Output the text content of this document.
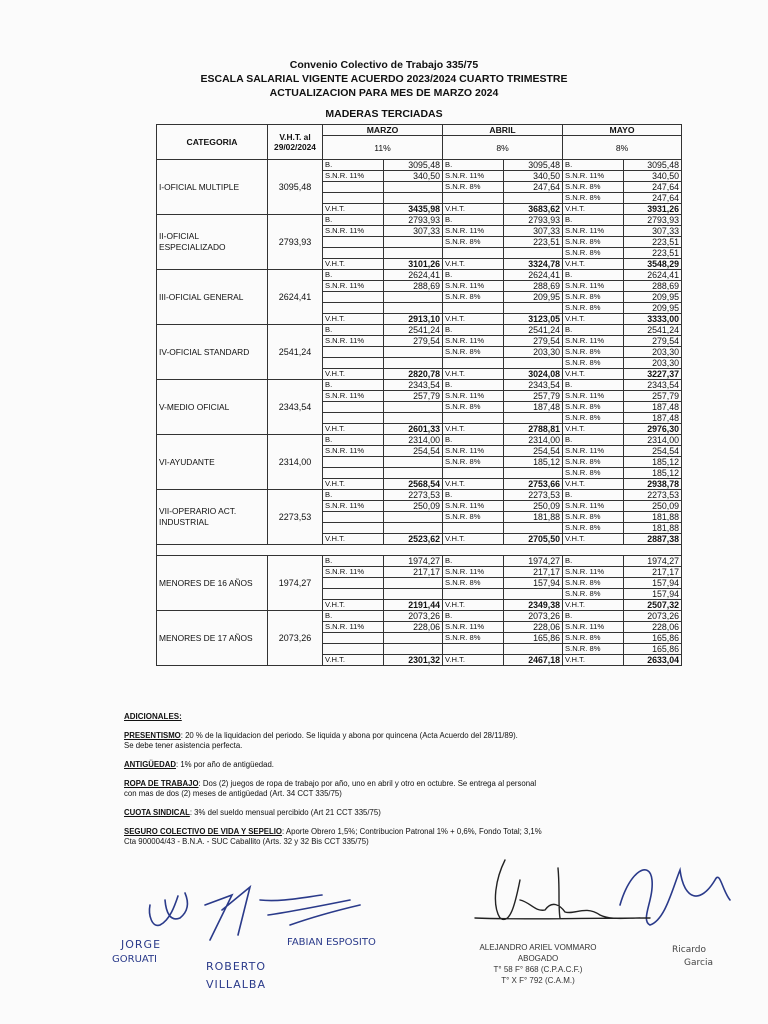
Convenio Colectivo de Trabajo 335/75
ESCALA SALARIAL VIGENTE ACUERDO 2023/2024 CUARTO TRIMESTRE
ACTUALIZACION PARA MES DE MARZO 2024
MADERAS TERCIADAS
CATEGORIA	V.H.T. al 29/02/2024	MARZO		ABRIL		MAYO	
		11%		8%		8%	
I-OFICIAL MULTIPLE	3095,48	B.	3095,48	B.	3095,48	B.	3095,48
		S.N.R. 11%	340,50	S.N.R. 11%	340,50	S.N.R. 11%	340,50
				S.N.R. 8%	247,64	S.N.R. 8%	247,64
						S.N.R. 8%	247,64
		V.H.T.	3435,98	V.H.T.	3683,62	V.H.T.	3931,26
II-OFICIAL ESPECIALIZADO	2793,93	B.	2793,93	B.	2793,93	B.	2793,93
		S.N.R. 11%	307,33	S.N.R. 11%	307,33	S.N.R. 11%	307,33
				S.N.R. 8%	223,51	S.N.R. 8%	223,51
						S.N.R. 8%	223,51
		V.H.T.	3101,26	V.H.T.	3324,78	V.H.T.	3548,29
III-OFICIAL GENERAL	2624,41	B.	2624,41	B.	2624,41	B.	2624,41
		S.N.R. 11%	288,69	S.N.R. 11%	288,69	S.N.R. 11%	288,69
				S.N.R. 8%	209,95	S.N.R. 8%	209,95
						S.N.R. 8%	209,95
		V.H.T.	2913,10	V.H.T.	3123,05	V.H.T.	3333,00
IV-OFICIAL STANDARD	2541,24	B.	2541,24	B.	2541,24	B.	2541,24
		S.N.R. 11%	279,54	S.N.R. 11%	279,54	S.N.R. 11%	279,54
				S.N.R. 8%	203,30	S.N.R. 8%	203,30
						S.N.R. 8%	203,30
		V.H.T.	2820,78	V.H.T.	3024,08	V.H.T.	3227,37
V-MEDIO OFICIAL	2343,54	B.	2343,54	B.	2343,54	B.	2343,54
		S.N.R. 11%	257,79	S.N.R. 11%	257,79	S.N.R. 11%	257,79
				S.N.R. 8%	187,48	S.N.R. 8%	187,48
						S.N.R. 8%	187,48
		V.H.T.	2601,33	V.H.T.	2788,81	V.H.T.	2976,30
VI-AYUDANTE	2314,00	B.	2314,00	B.	2314,00	B.	2314,00
		S.N.R. 11%	254,54	S.N.R. 11%	254,54	S.N.R. 11%	254,54
				S.N.R. 8%	185,12	S.N.R. 8%	185,12
						S.N.R. 8%	185,12
		V.H.T.	2568,54	V.H.T.	2753,66	V.H.T.	2938,78
VII-OPERARIO ACT. INDUSTRIAL	2273,53	B.	2273,53	B.	2273,53	B.	2273,53
		S.N.R. 11%	250,09	S.N.R. 11%	250,09	S.N.R. 11%	250,09
				S.N.R. 8%	181,88	S.N.R. 8%	181,88
						S.N.R. 8%	181,88
		V.H.T.	2523,62	V.H.T.	2705,50	V.H.T.	2887,38

MENORES DE 16 AÑOS	1974,27	B.	1974,27	B.	1974,27	B.	1974,27
		S.N.R. 11%	217,17	S.N.R. 11%	217,17	S.N.R. 11%	217,17
				S.N.R. 8%	157,94	S.N.R. 8%	157,94
						S.N.R. 8%	157,94
		V.H.T.	2191,44	V.H.T.	2349,38	V.H.T.	2507,32
MENORES DE 17 AÑOS	2073,26	B.	2073,26	B.	2073,26	B.	2073,26
		S.N.R. 11%	228,06	S.N.R. 11%	228,06	S.N.R. 11%	228,06
				S.N.R. 8%	165,86	S.N.R. 8%	165,86
						S.N.R. 8%	165,86
		V.H.T.	2301,32	V.H.T.	2467,18	V.H.T.	2633,04

ADICIONALES:

PRESENTISMO: 20 % de la liquidacion del periodo. Se liquida y abona por quincena (Acta Acuerdo del 28/11/89).
Se debe tener asistencia perfecta.

ANTIGÜEDAD: 1% por año de antigüedad.

ROPA DE TRABAJO: Dos (2) juegos de ropa de trabajo por año, uno en abril y otro en octubre. Se entrega al personal
con mas de dos (2) meses de antigüedad (Art. 34 CCT 335/75)

CUOTA SINDICAL: 3% del sueldo mensual percibido (Art 21 CCT 335/75)

SEGURO COLECTIVO DE VIDA Y SEPELIO: Aporte Obrero 1,5%; Contribucion Patronal 1% + 0,6%, Fondo Total; 3,1%
Cta 900004/43 - B.N.A. - SUC Caballito (Arts. 32 y 32 Bis CCT 335/75)

JORGE
GORUATI
ROBERTO
VILLALBA
FABIAN ESPOSITO
Ricardo
Garcia
ALEJANDRO ARIEL VOMMARO
ABOGADO
T° 58 F° 868 (C.P.A.C.F.)
T° X F° 792 (C.A.M.)
